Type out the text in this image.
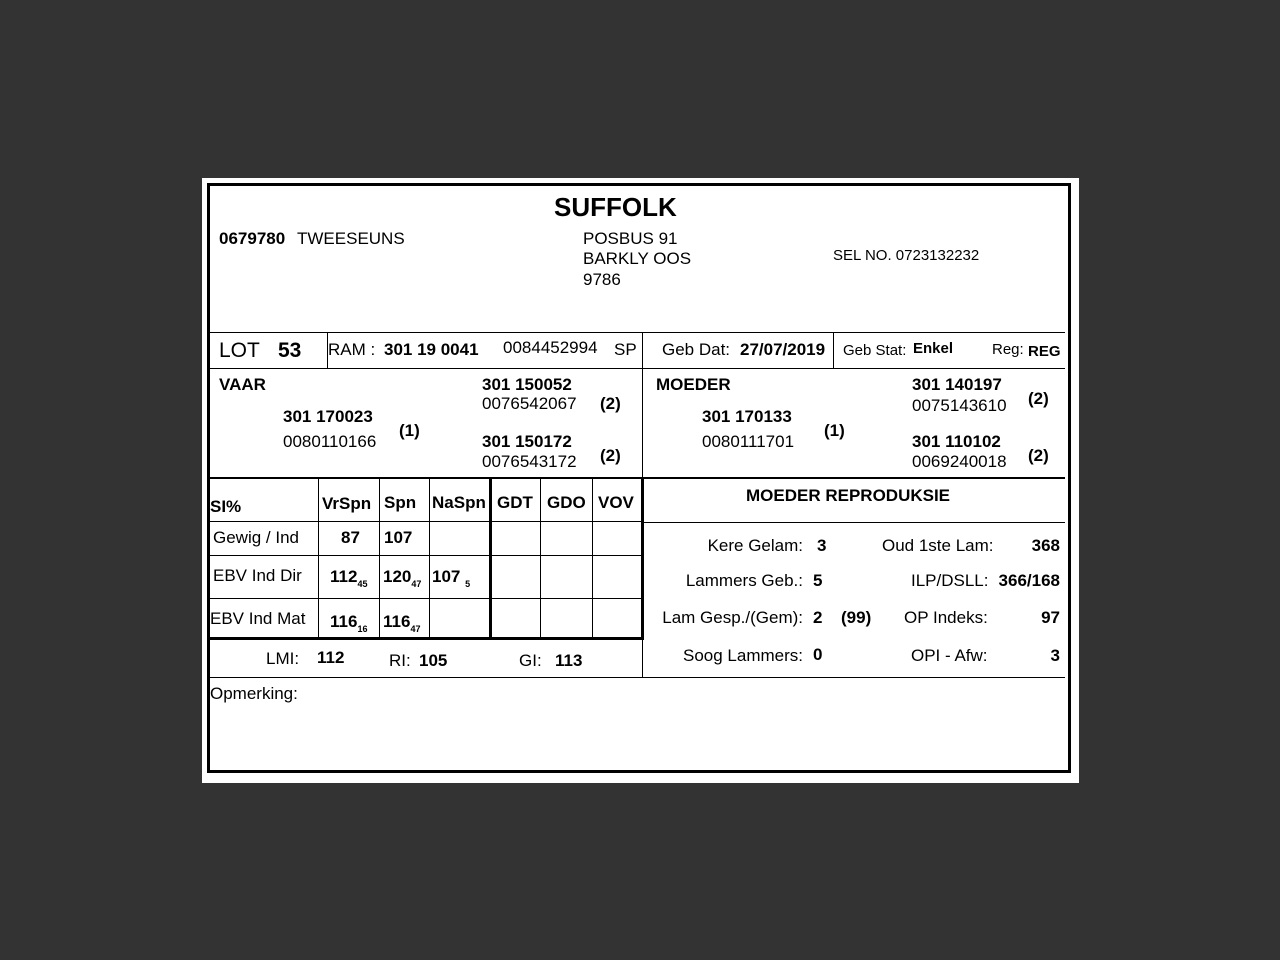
SUFFOLK
0679780 TWEESEUNS	POSBUS 91
BARKLY OOS
9786
SEL NO. 0723132232
LOT 53 RAM : 301 19 0041 0084452994 SP Geb Dat: 27/07/2019 Geb Stat: Enkel	Reg: REG
VAAR
301 170023
0080110166
(1)
301 150052
0076542067 (2)
301 150172
0076543172 (2)
MOEDER
301 170133
0080111701
(1)
301 140197
0075143610 (2)
301 110102
0069240018 (2)
SI%	VrSpn Spn NaSpn GDT GDO VOV
Gewig / Ind 87 107
EBV Ind Dir $112_{45}$ $120_{47}$ 107 $_5$
EBV Ind Mat $116_{16}$ $116_{47}$
LMI: 112	RI: 105	GI: 113
MOEDER REPRODUKSIE
Kere Gelam: 3	Oud 1ste Lam:	368
Lammers Geb.: 5	ILP/DSLL: 366/168
Lam Gesp./(Gem): 2 (99) OP Indeks:	97
Soog Lammers: 0	OPI - Afw:	3
Opmerking:
